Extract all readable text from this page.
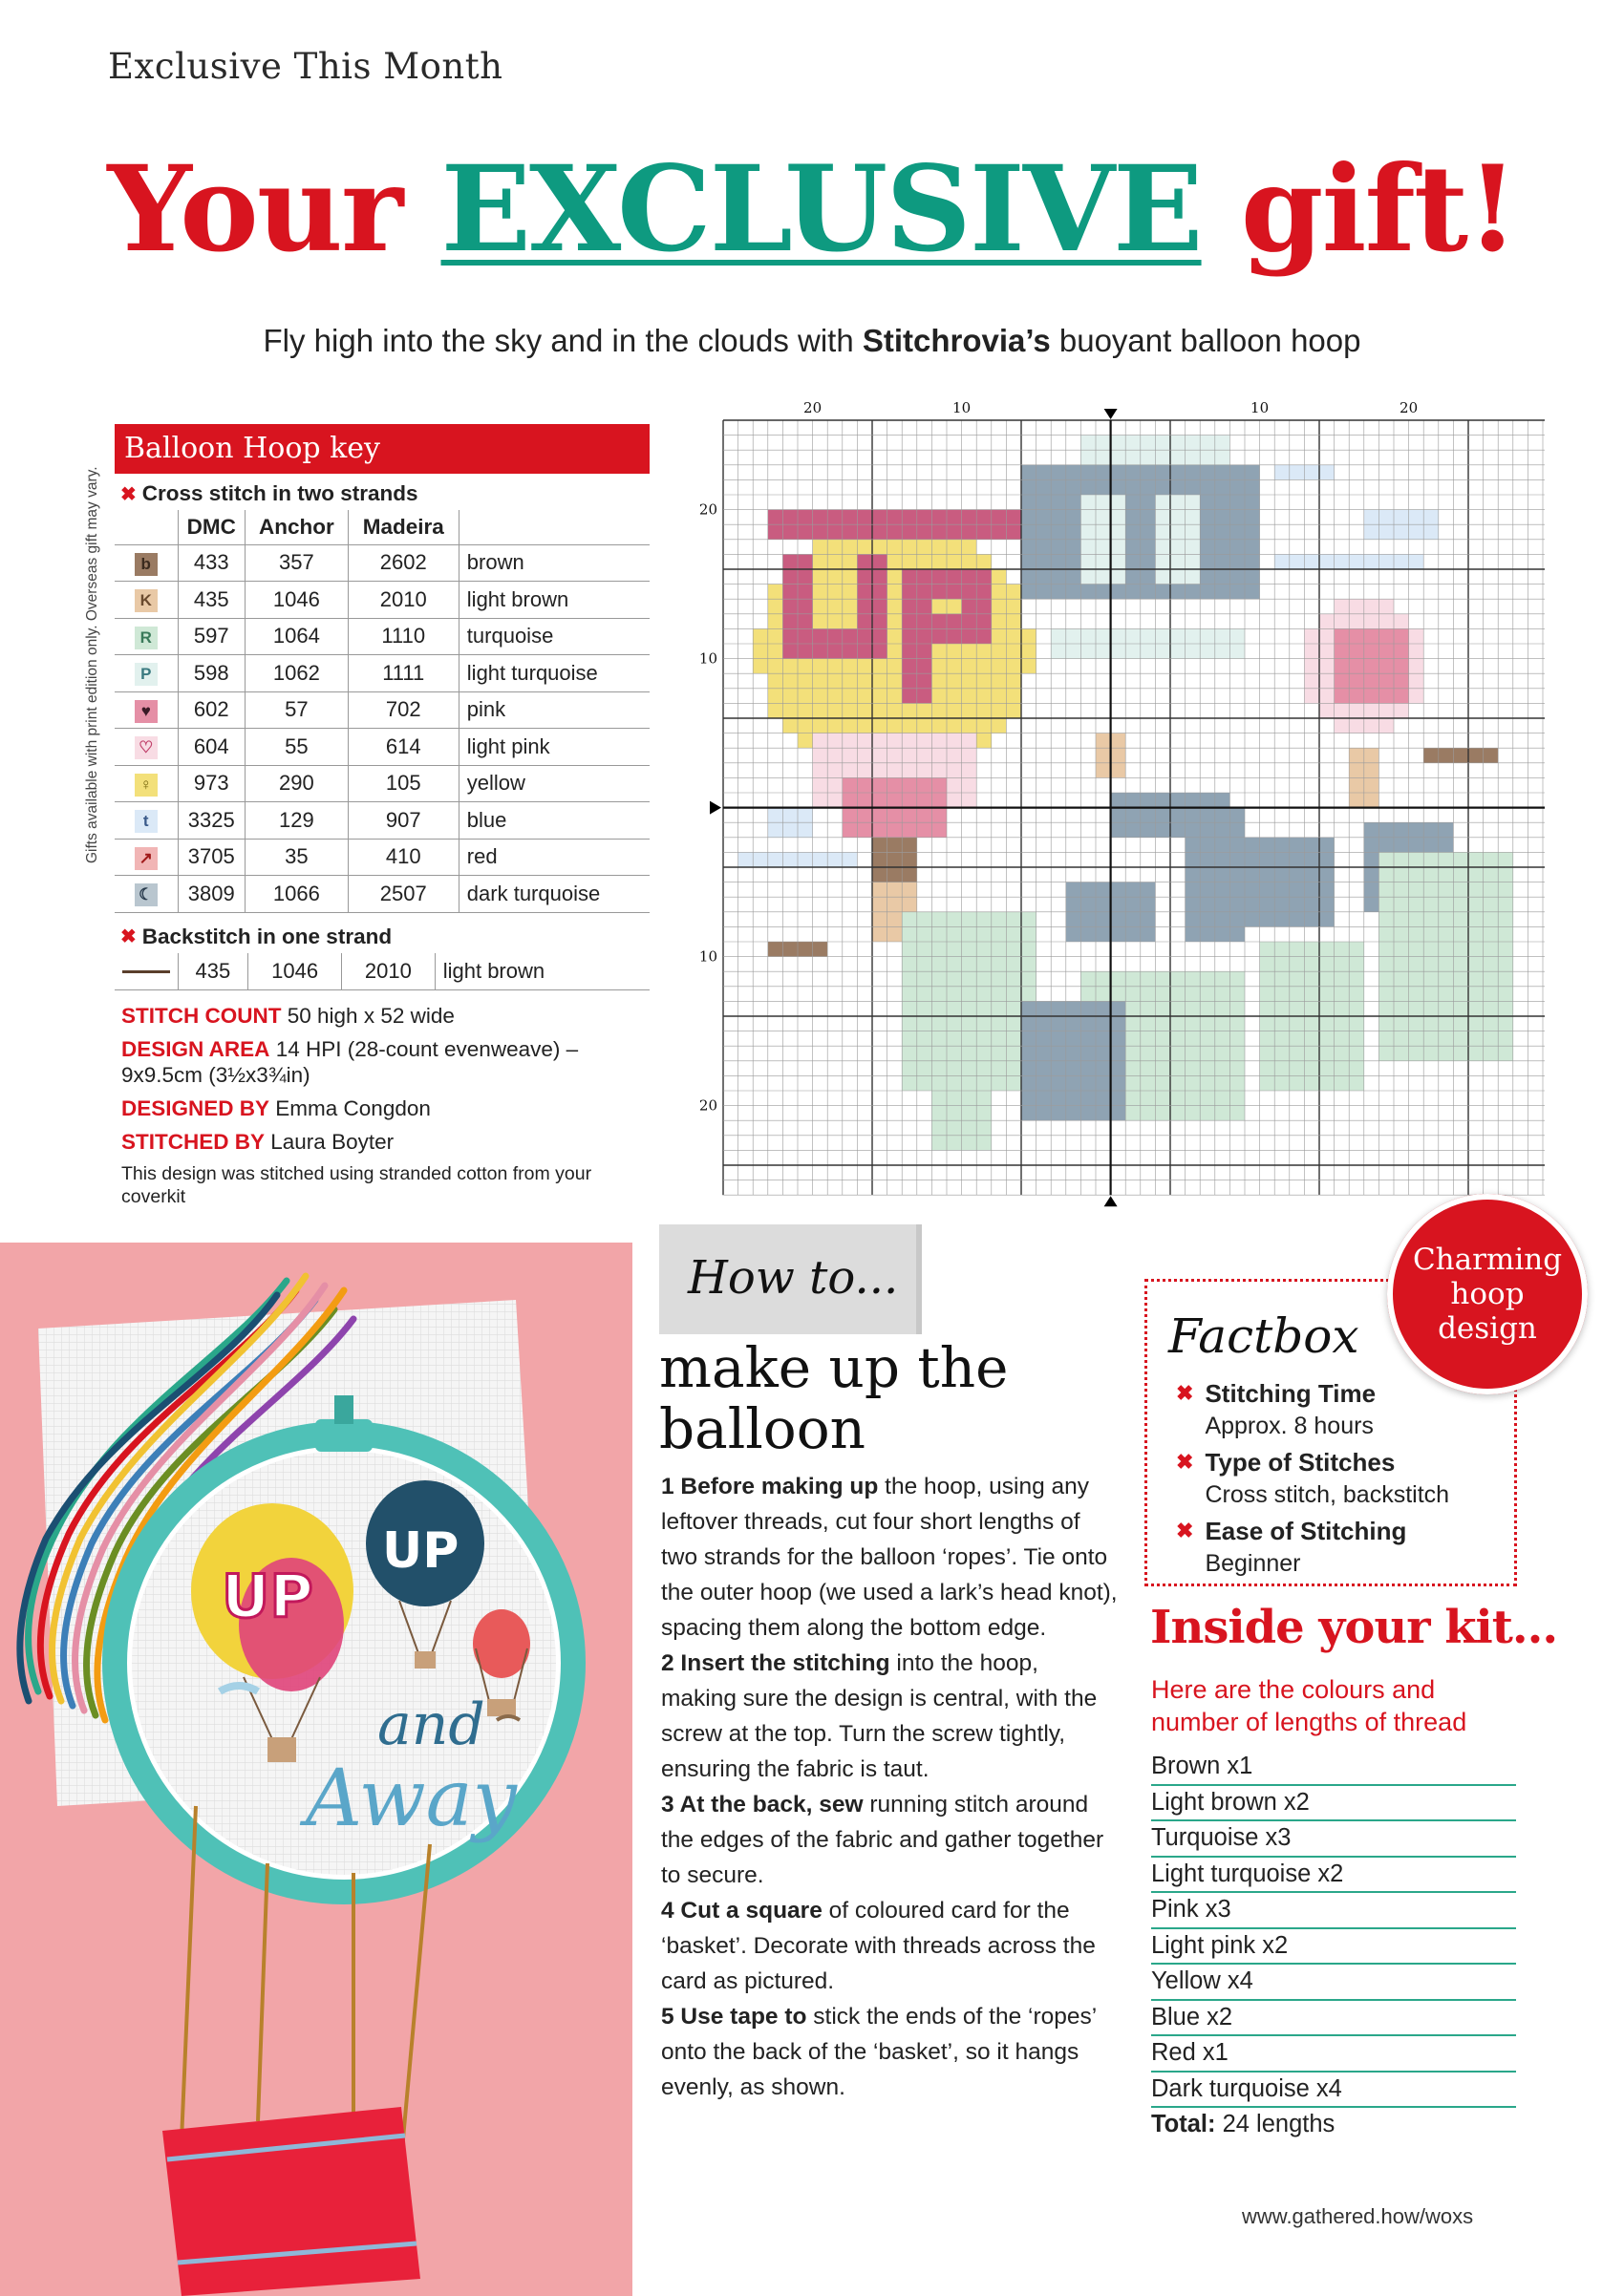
Exclusive This Month
Your EXCLUSIVE gift!
Fly high into the sky and in the clouds with Stitchrovia’s buoyant balloon hoop
Gifts available with print edition only. Overseas gift may vary.
Balloon Hoop key
✖ Cross stitch in two strands
	DMC	Anchor	Madeira	
b	433	357	2602	brown
K	435	1046	2010	light brown
R	597	1064	1110	turquoise
P	598	1062	1111	light turquoise
♥	602	57	702	pink
♡	604	55	614	light pink
♀	973	290	105	yellow
t	3325	129	907	blue
↗	3705	35	410	red
☾	3809	1066	2507	dark turquoise
✖ Backstitch in one strand
	435	1046	2010	light brown

STITCH COUNT 50 high x 52 wide

DESIGN AREA 14 HPI (28-count evenweave) – 9x9.5cm (3½x3¾in)

DESIGNED BY Emma Congdon

STITCHED BY Laura Boyter

This design was stitched using stranded cotton from your coverkit

20	10	10	20
20
10
10
20
UP
UP
and
Away
How to...
make up the
balloon

1 Before making up the hoop, using any leftover threads, cut four short lengths of two strands for the balloon ‘ropes’. Tie onto the outer hoop (we used a lark’s head knot), spacing them along the bottom edge.

2 Insert the stitching into the hoop, making sure the design is central, with the screw at the top. Turn the screw tightly, ensuring the fabric is taut.

3 At the back, sew running stitch around the edges of the fabric and gather together to secure.

4 Cut a square of coloured card for the ‘basket’. Decorate with threads across the card as pictured.

5 Use tape to stick the ends of the ‘ropes’ onto the back of the ‘basket’, so it hangs evenly, as shown.

Factbox
✖ Stitching Time
Approx. 8 hours
✖ Type of Stitches
Cross stitch, backstitch
✖ Ease of Stitching
Beginner
Charming
hoop
design
Inside your kit...
Here are the colours and number of lengths of thread
Brown x1
Light brown x2
Turquoise x3
Light turquoise x2
Pink x3
Light pink x2
Yellow x4
Blue x2
Red x1
Dark turquoise x4
Total: 24 lengths
www.gathered.how/woxs
